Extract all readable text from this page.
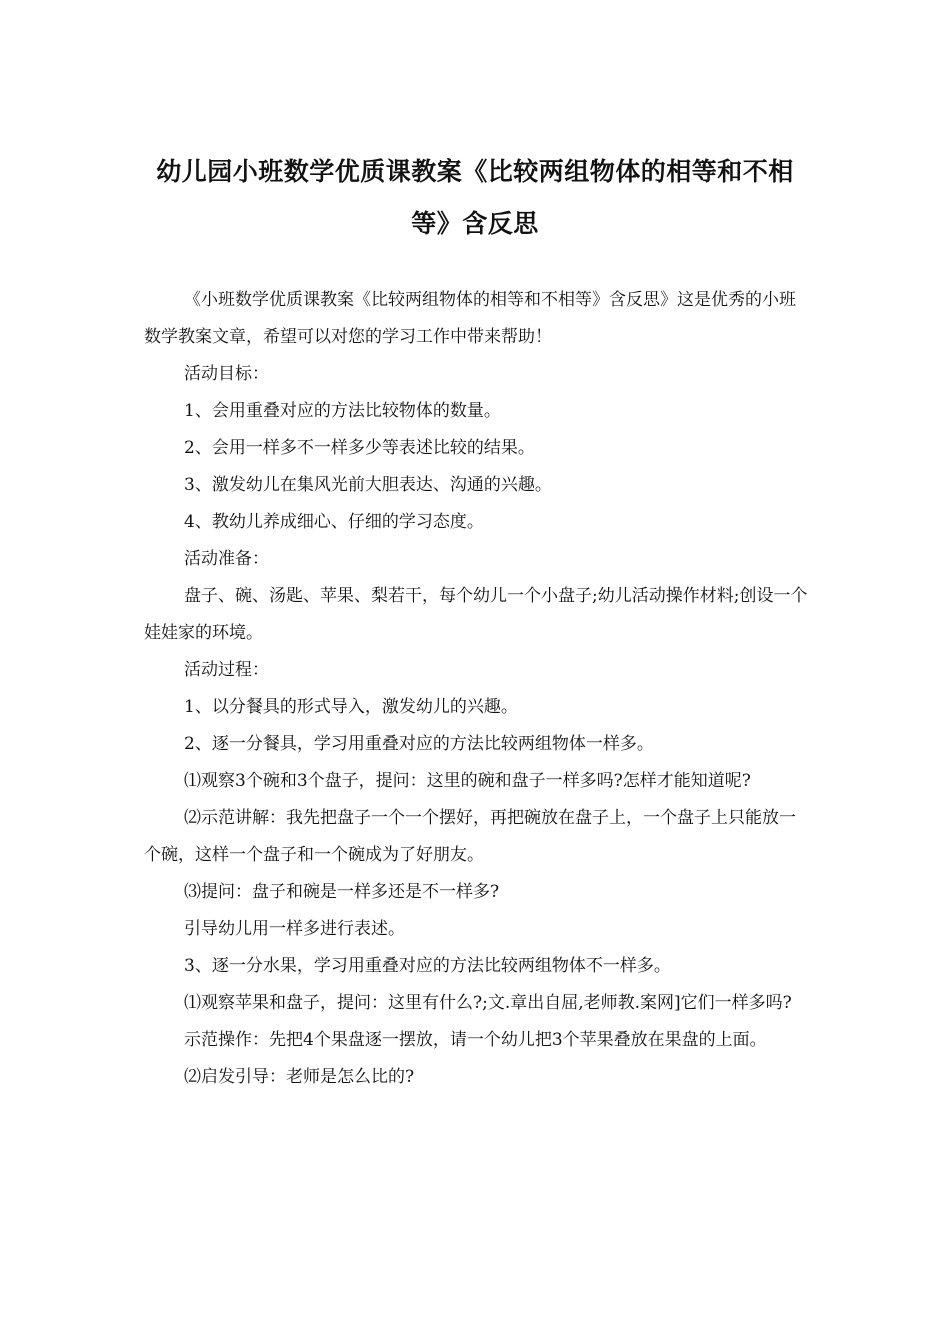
幼儿园小班数学优质课教案《比较两组物体的相等和不相
等》含反思

《小班数学优质课教案《比较两组物体的相等和不相等》含反思》这是优秀的小班数学教案文章，希望可以对您的学习工作中带来帮助！

活动目标：

1、会用重叠对应的方法比较物体的数量。

2、会用一样多不一样多少等表述比较的结果。

3、激发幼儿在集风光前大胆表达、沟通的兴趣。

4、教幼儿养成细心、仔细的学习态度。

活动准备：

盘子、碗、汤匙、苹果、梨若干，每个幼儿一个小盘子;幼儿活动操作材料;创设一个娃娃家的环境。

活动过程：

1、以分餐具的形式导入，激发幼儿的兴趣。

2、逐一分餐具，学习用重叠对应的方法比较两组物体一样多。

⑴观察3个碗和3个盘子，提问：这里的碗和盘子一样多吗?怎样才能知道呢?

⑵示范讲解：我先把盘子一个一个摆好，再把碗放在盘子上，一个盘子上只能放一个碗，这样一个盘子和一个碗成为了好朋友。

⑶提问：盘子和碗是一样多还是不一样多?

引导幼儿用一样多进行表述。

3、逐一分水果，学习用重叠对应的方法比较两组物体不一样多。

⑴观察苹果和盘子，提问：这里有什么?;文.章出自屈,老师教.案网]它们一样多吗?

示范操作：先把4个果盘逐一摆放，请一个幼儿把3个苹果叠放在果盘的上面。

⑵启发引导：老师是怎么比的?
